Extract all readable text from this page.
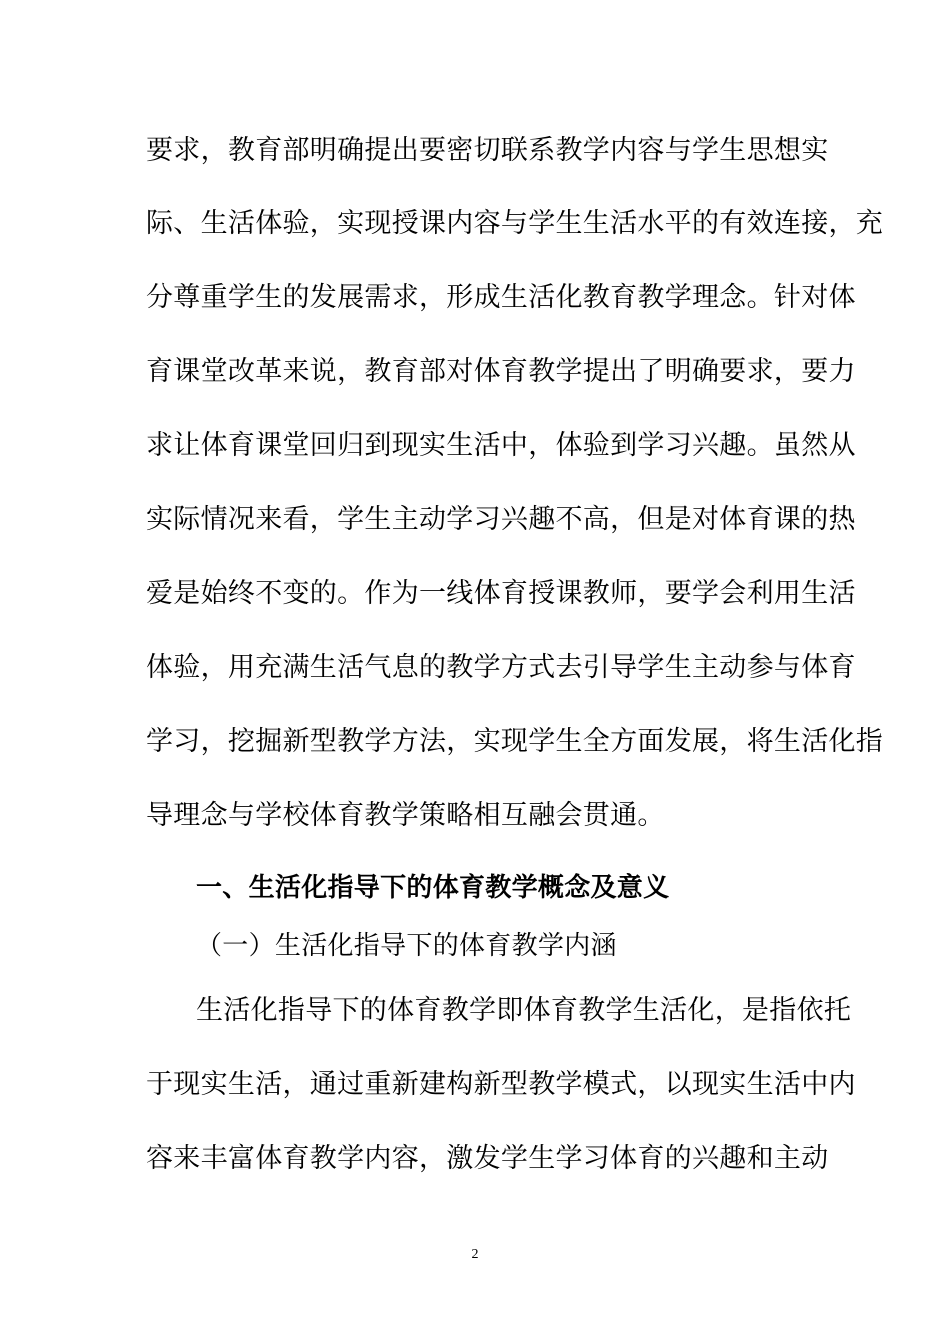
要求，教育部明确提出要密切联系教学内容与学生思想实
际、生活体验，实现授课内容与学生生活水平的有效连接，充
分尊重学生的发展需求，形成生活化教育教学理念。针对体
育课堂改革来说，教育部对体育教学提出了明确要求，要力
求让体育课堂回归到现实生活中，体验到学习兴趣。虽然从
实际情况来看，学生主动学习兴趣不高，但是对体育课的热
爱是始终不变的。作为一线体育授课教师，要学会利用生活
体验，用充满生活气息的教学方式去引导学生主动参与体育
学习，挖掘新型教学方法，实现学生全方面发展，将生活化指
导理念与学校体育教学策略相互融会贯通。
一、生活化指导下的体育教学概念及意义
（一）生活化指导下的体育教学内涵
生活化指导下的体育教学即体育教学生活化，是指依托
于现实生活，通过重新建构新型教学模式，以现实生活中内
容来丰富体育教学内容，激发学生学习体育的兴趣和主动
2
